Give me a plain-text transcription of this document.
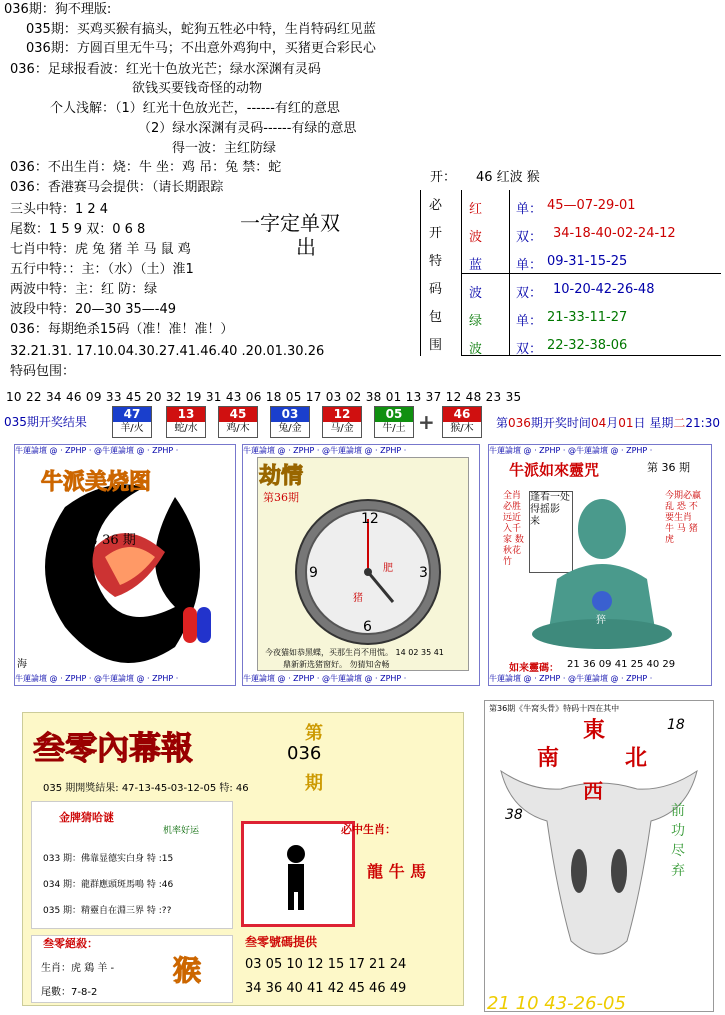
036期：狗不理版:
035期：买鸡买猴有搞头，蛇狗五牲必中特，生肖特码红见蓝
036期：方圆百里无牛马；不出意外鸡狗中，买猪更合彩民心
036：足球报看波：红光十色放光芒；绿水深渊有灵码
欲钱买要钱奇怪的动物
个人浅解：（1）红光十色放光芒，------有红的意思
（2）绿水深渊有灵码------有绿的意思
得一波：主红防绿
036：不出生肖：烧：牛 坐：鸡 吊：兔 禁：蛇
036：香港赛马会提供：（请长期跟踪
三头中特：1 2 4
尾数：1 5 9 双：0 6 8
七肖中特：虎 兔 猪 羊 马 鼠 鸡
五行中特：：主：（水）（土）淮1
两波中特：主：红 防：绿
波段中特：20—30 35—-49
036：每期绝杀15码（准！准！准！）
32.21.31. 17.10.04.30.27.41.46.40 .20.01.30.26
特码包围：
一字定单双
出
开： 46 红波 猴
必
开
特
码
包
围
红	单： 45—07-29-01
波	双： 34-18-40-02-24-12
蓝	单： 09-31-15-25
波	双： 10-20-42-26-48
绿	单： 21-33-11-27
波	双： 22-32-38-06
10 22 34 46 09 33 45 20 32 19 31 43 06 18 05 17 03 02 38 01 13 37 12 48 23 35
035期开奖结果
47
羊/火
13
蛇/水
45
鸡/木
03
兔/金
12
马/金
05
牛/土 +	46
猴/木	第036期开奖时间04月01日 星期二21:30
牛蓮論壇 @ · ZPHP · @牛蓮論壇 @ · ZPHP ·
牛蓮論壇 @ · ZPHP · @牛蓮論壇 @ · ZPHP ·
牛派美烧图
第 36 期
海
牛蓮論壇 @ · ZPHP · @牛蓮論壇 @ · ZPHP ·
牛蓮論壇 @ · ZPHP · @牛蓮論壇 @ · ZPHP ·
劫情
第36期
12
3
6
9	肥
猪
今夜猫如恭黑蝶，买那生肖不用慌。 14 02 35 41
鼎新新选猪窗好。 勿猜知舍畅
牛蓮論壇 @ · ZPHP · @牛蓮論壇 @ · ZPHP ·
牛蓮論壇 @ · ZPHP · @牛蓮論壇 @ · ZPHP ·
牛派如來靈咒	第 36 期
全肖必胜 远近入千家 数秋花竹
逢看一处 得摇影 来
今期必赢 乱 恐 不要生肖 牛 马 猪 虎
猝
如来靈碼： 21 36 09 41 25 40 29
叁零內幕報	第
036
期
035 期開獎結果: 47-13-45-03-12-05 特: 46
金牌猜哈谜
机率好运
033 期：佛靠显德实白身 特 :15
034 期：龍群應頭斑馬鳴 特 :46
035 期：精靈自在淵三界 特 :??
必中生肖：
龍 牛 馬
叁零絕殺：
生肖：虎 鶏 羊 -
尾數：7-8-2
猴
叁零號碼提供
03 05 10 12 15 17 21 24
34 36 40 41 42 45 46 49
第36期《牛窝头骨》特码十四在其中
東
南	北
西
18
38	前功尽弃
21 10 43-26-05
